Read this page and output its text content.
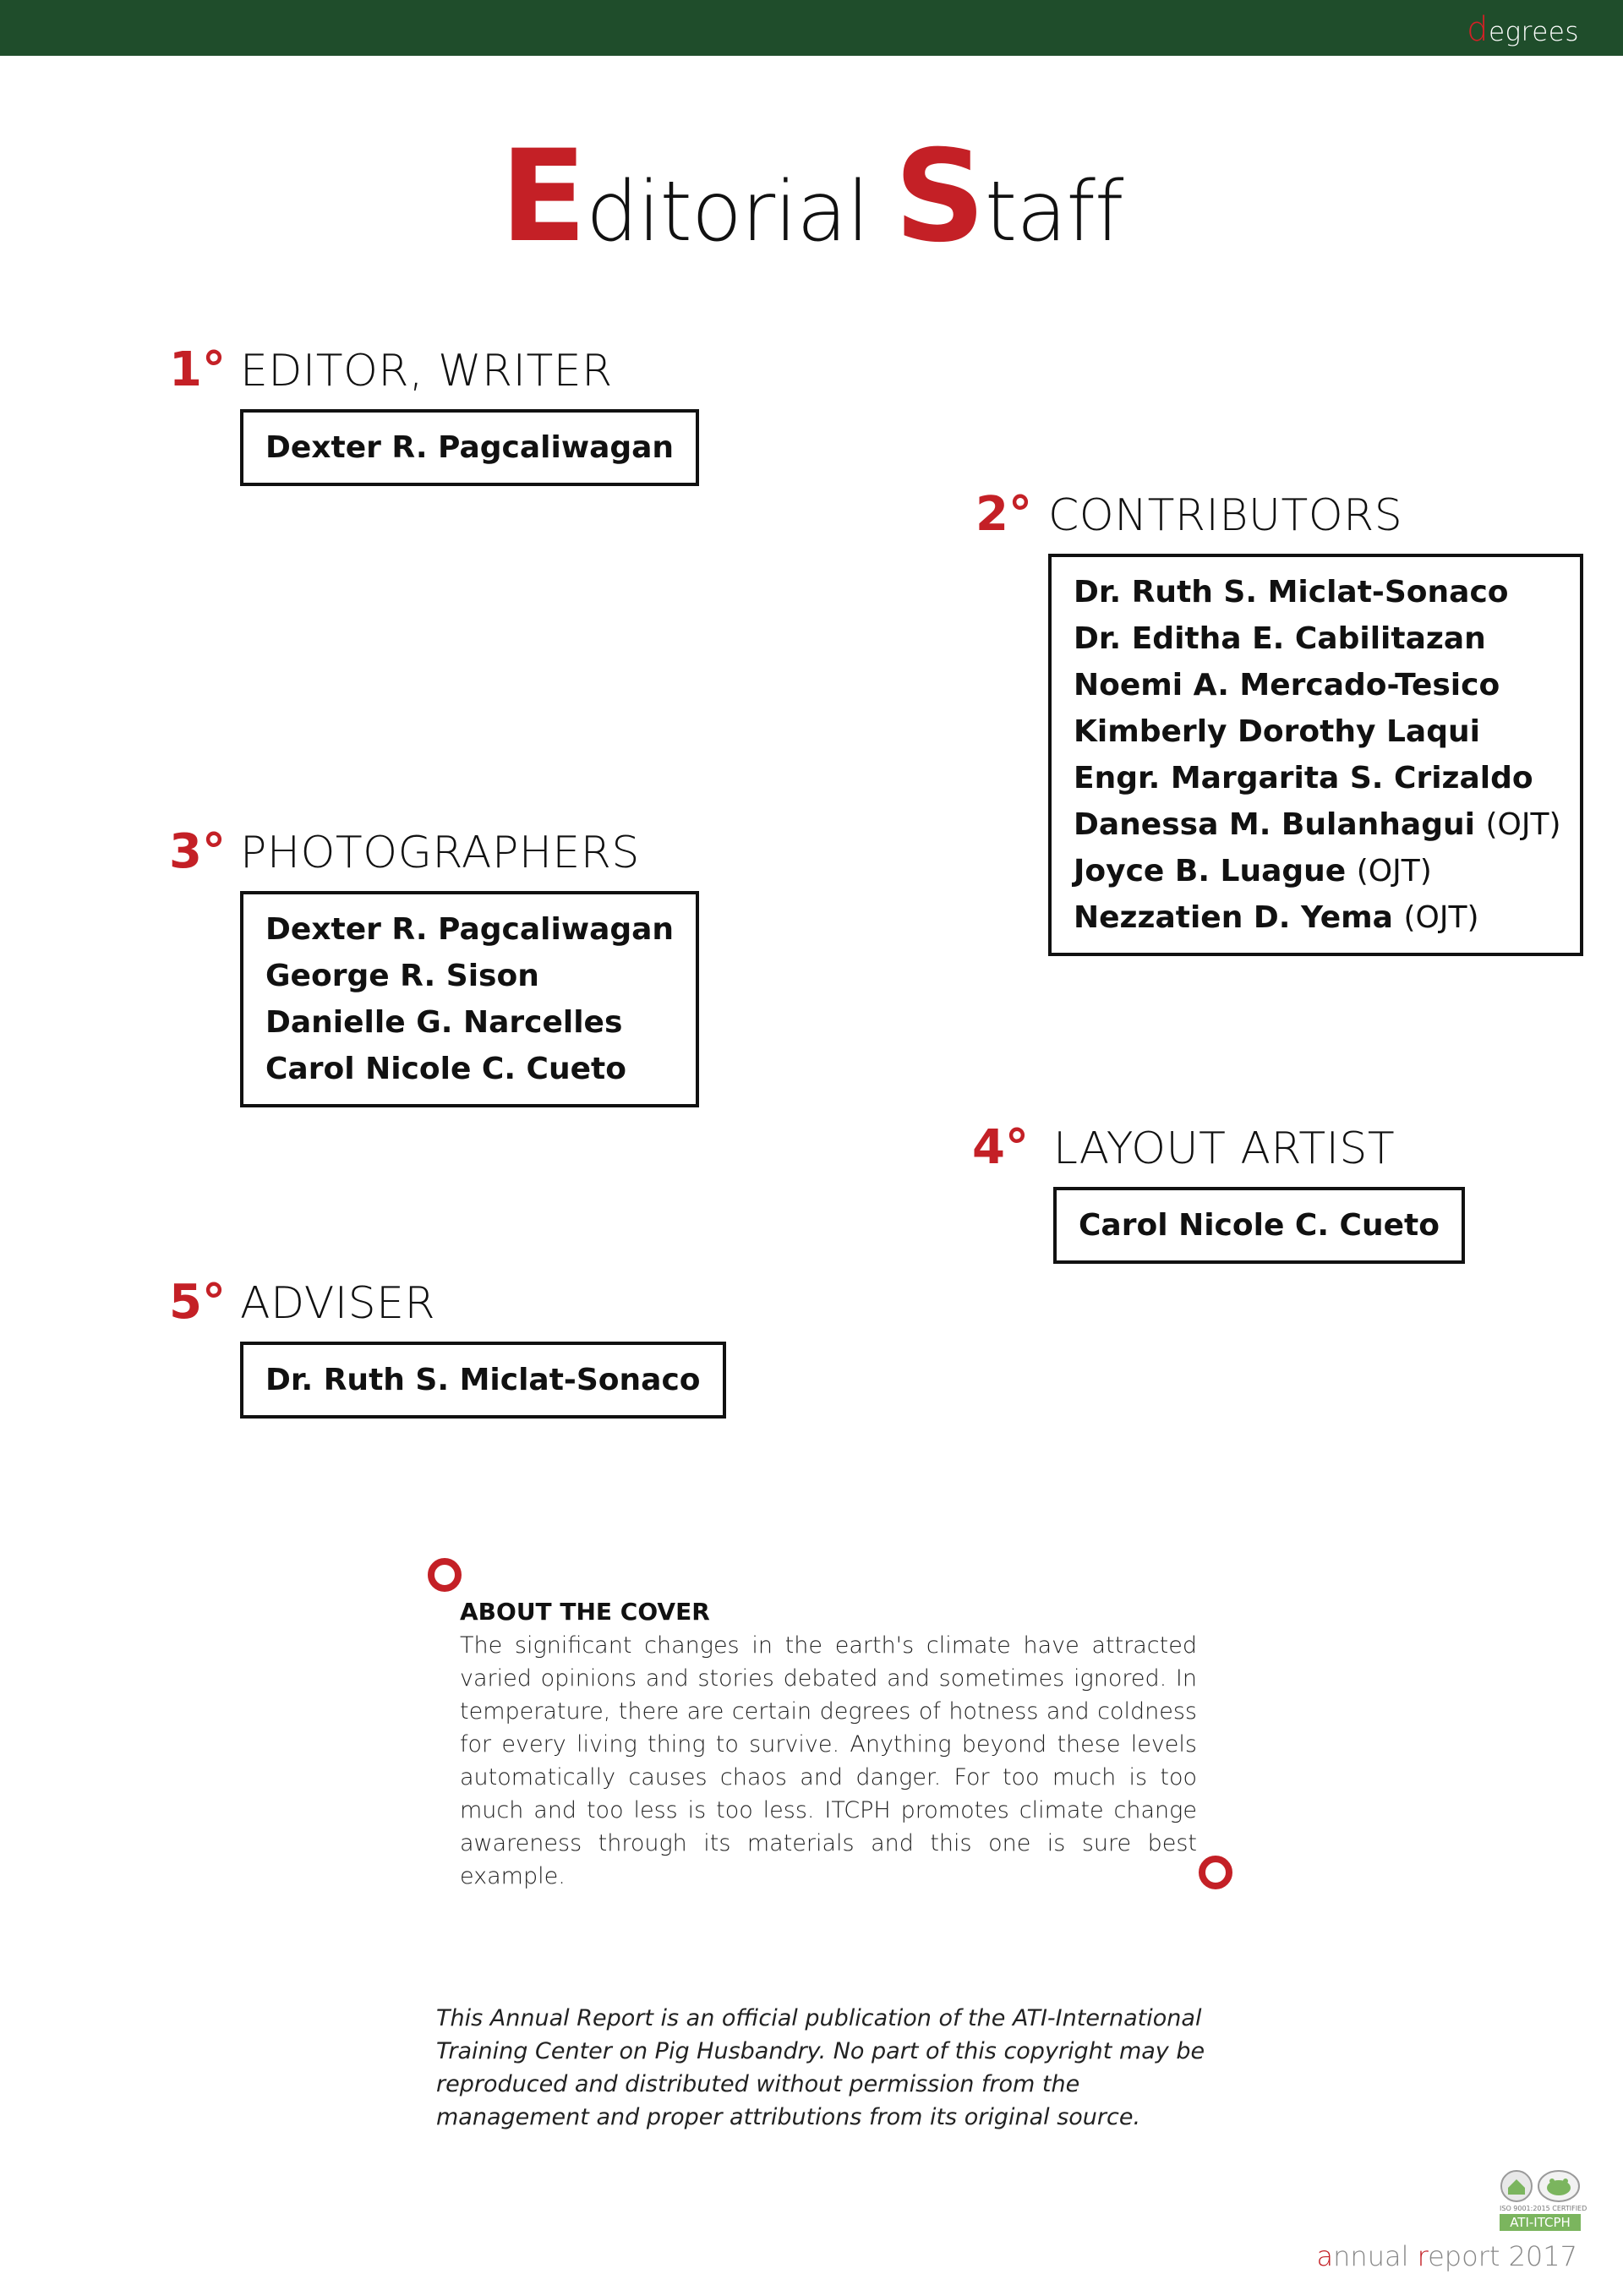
degrees
Editorial Staff
1° EDITOR, WRITER
Dexter R. Pagcaliwagan
2° CONTRIBUTORS
Dr. Ruth S. Miclat-Sonaco
Dr. Editha E. Cabilitazan
Noemi A. Mercado-Tesico
Kimberly Dorothy Laqui
Engr. Margarita S. Crizaldo
Danessa M. Bulanhagui (OJT)
Joyce B. Luague (OJT)
Nezzatien D. Yema (OJT)
3° PHOTOGRAPHERS
Dexter R. Pagcaliwagan
George R. Sison
Danielle G. Narcelles
Carol Nicole C. Cueto
4° LAYOUT ARTIST
Carol Nicole C. Cueto
5° ADVISER
Dr. Ruth S. Miclat-Sonaco
ABOUT THE COVER
The significant changes in the earth's climate have attracted varied opinions and stories debated and sometimes ignored. In temperature, there are certain degrees of hotness and coldness for every living thing to survive. Anything beyond these levels automatically causes chaos and danger. For too much is too much and too less is too less. ITCPH promotes climate change awareness through its materials and this one is sure best example.
This Annual Report is an official publication of the ATI-International Training Center on Pig Husbandry. No part of this copyright may be reproduced and distributed without permission from the management and proper attributions from its original source.
ISO 9001:2015 CERTIFIED
ATI-ITCPH
annual report 2017
